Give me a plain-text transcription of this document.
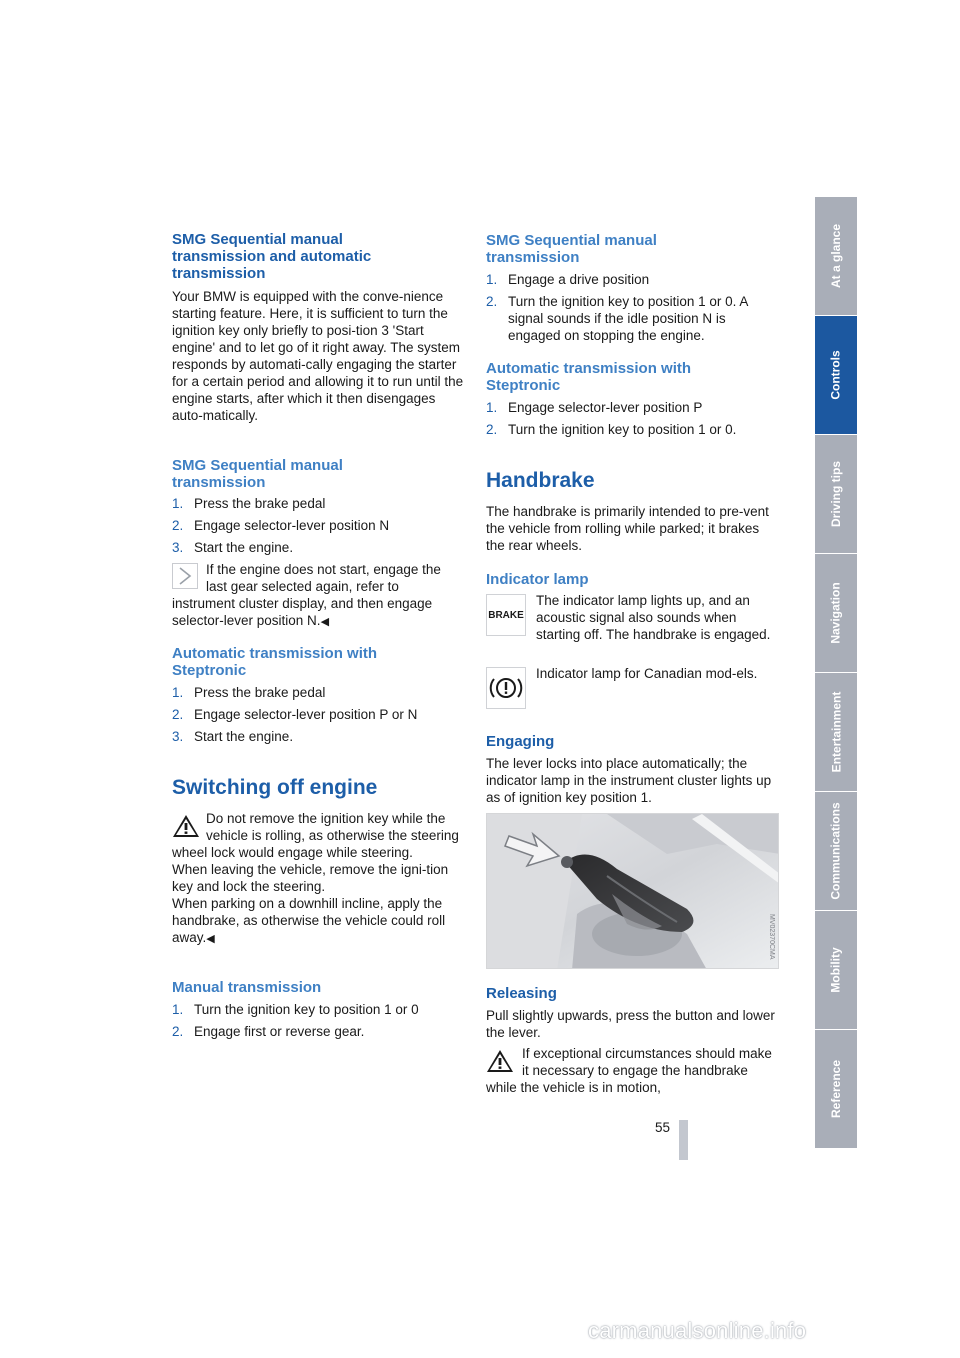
SMG Sequential manual transmission and automatic transmission

Your BMW is equipped with the conve-nience starting feature. Here, it is sufficient to turn the ignition key only briefly to posi-tion 3 'Start engine' and to let go of it right away. The system responds by automati-cally engaging the starter for a certain period and allowing it to run until the engine starts, after which it then disengages auto-matically.

SMG Sequential manual transmission
1. Press the brake pedal
2. Engage selector-lever position N
3. Start the engine.

If the engine does not start, engage the last gear selected again, refer to instrument cluster display, and then engage selector-lever position N.◀

Automatic transmission with Steptronic
1. Press the brake pedal
2. Engage selector-lever position P or N
3. Start the engine.
Switching off engine

Do not remove the ignition key while the vehicle is rolling, as otherwise the steering wheel lock would engage while steering.

When leaving the vehicle, remove the igni-tion key and lock the steering.

When parking on a downhill incline, apply the handbrake, as otherwise the vehicle could roll away.◀

Manual transmission
1. Turn the ignition key to position 1 or 0
2. Engage first or reverse gear.
SMG Sequential manual transmission
1. Engage a drive position
2. Turn the ignition key to position 1 or 0. A signal sounds if the idle position N is engaged on stopping the engine.
Automatic transmission with Steptronic
1. Engage selector-lever position P
2. Turn the ignition key to position 1 or 0.
Handbrake

The handbrake is primarily intended to pre-vent the vehicle from rolling while parked; it brakes the rear wheels.

Indicator lamp
BRAKE

The indicator lamp lights up, and an acoustic signal also sounds when starting off. The handbrake is engaged.

Indicator lamp for Canadian mod-els.

Engaging

The lever locks into place automatically; the indicator lamp in the instrument cluster lights up as of ignition key position 1.

Releasing

Pull slightly upwards, press the button and lower the lever.

If exceptional circumstances should make it necessary to engage the handbrake while the vehicle is in motion,

MV02370CMA
55
At a glance
Controls
Driving tips
Navigation
Entertainment
Communications
Mobility
Reference
carmanualsonline.info
